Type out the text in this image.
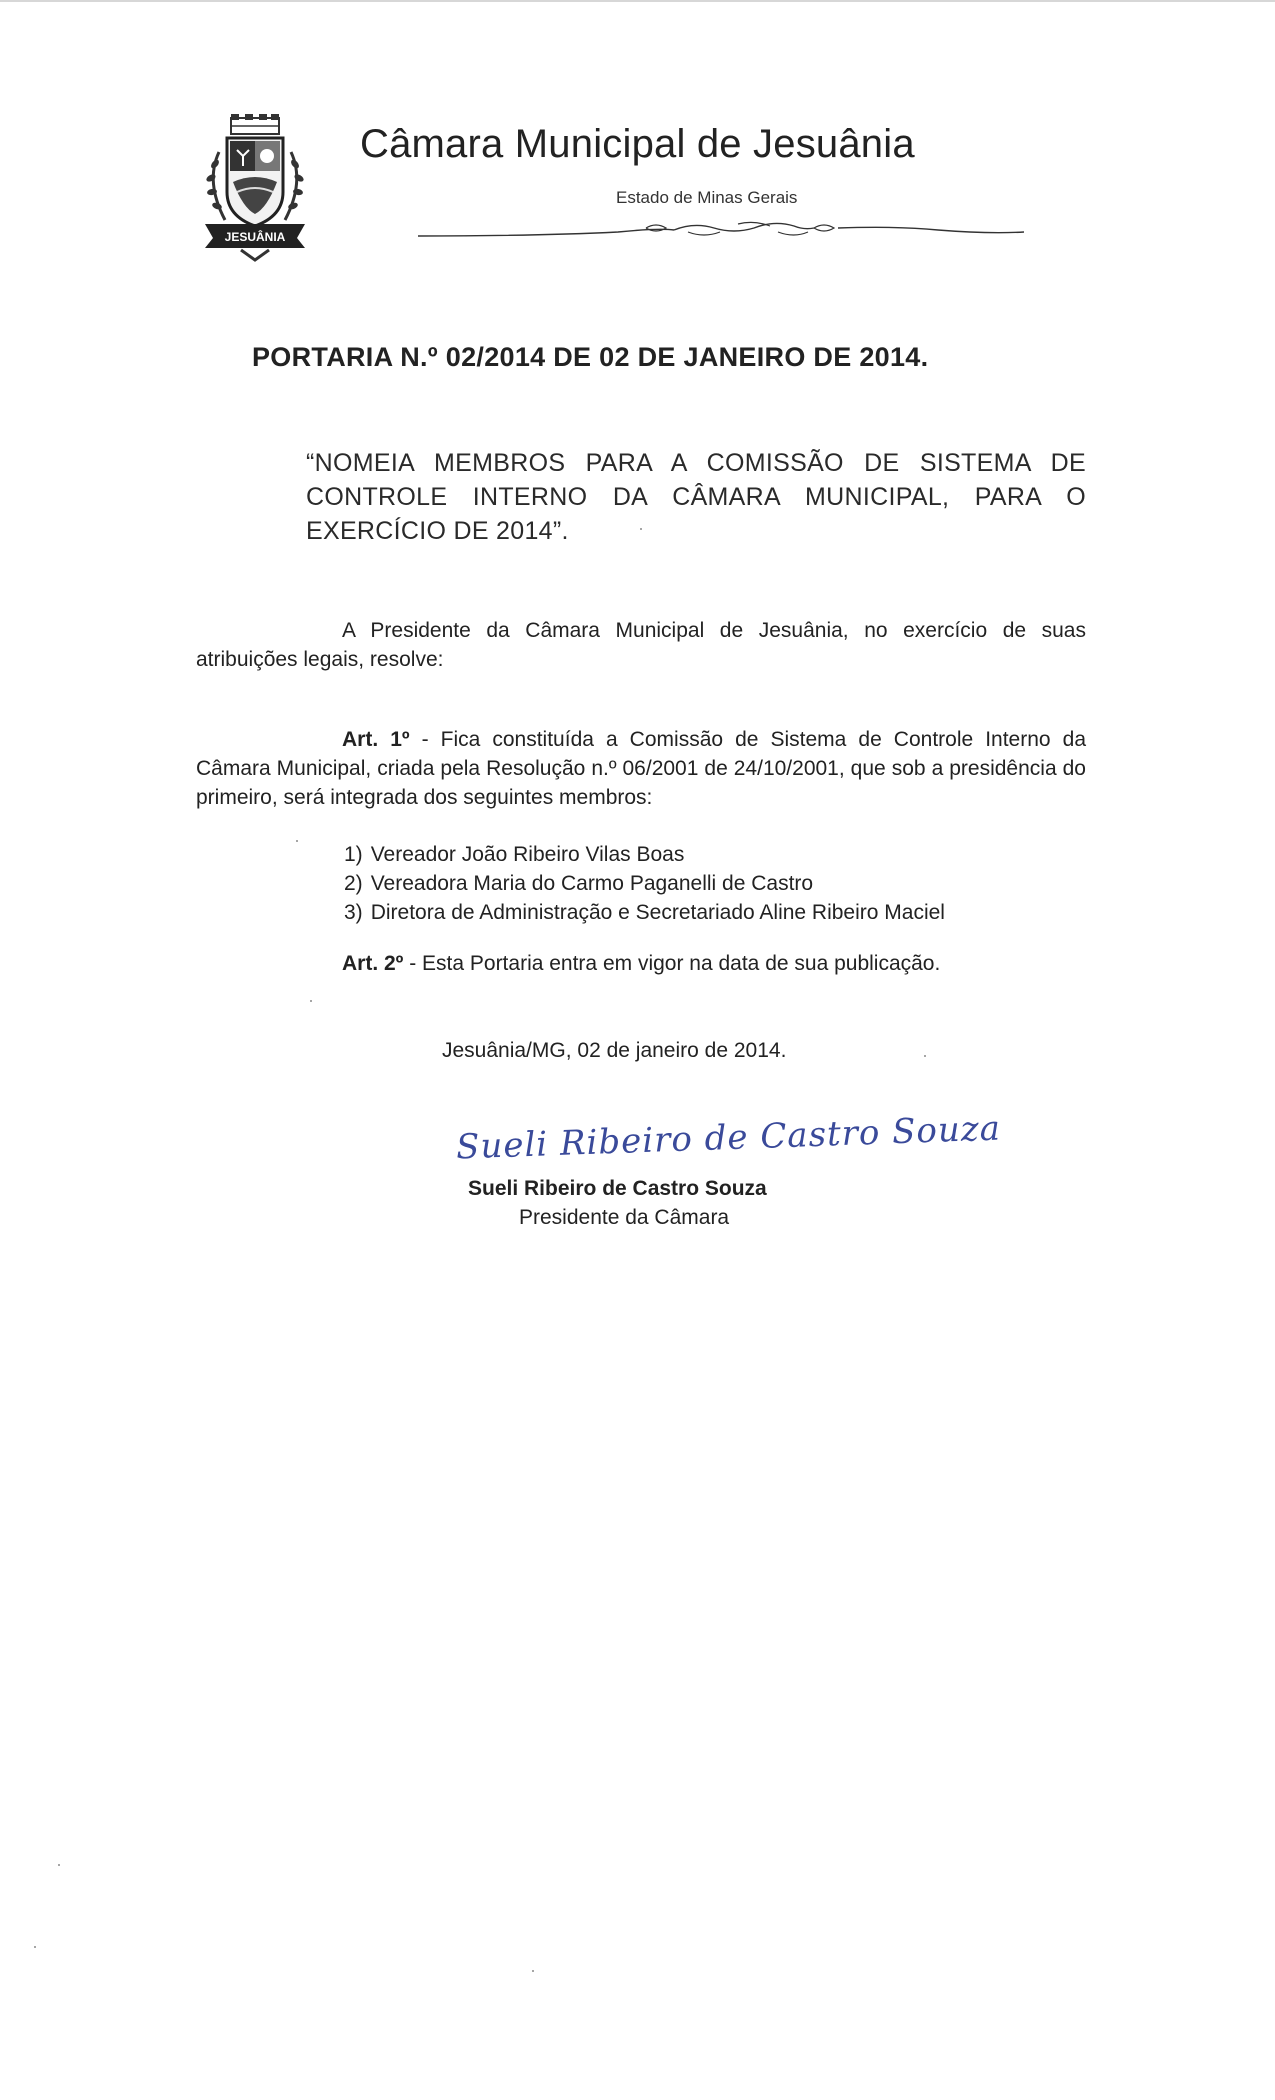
JESUÂNIA
Câmara Municipal de Jesuânia
Estado de Minas Gerais
PORTARIA N.º 02/2014 DE 02 DE JANEIRO DE 2014.
“NOMEIA MEMBROS PARA A COMISSÃO DE SISTEMA DE
CONTROLE INTERNO DA CÂMARA MUNICIPAL, PARA O
EXERCÍCIO DE 2014”.
A Presidente da Câmara Municipal de Jesuânia, no exercício de suas atribuições legais, resolve:
Art. 1º - Fica constituída a Comissão de Sistema de Controle Interno da Câmara Municipal, criada pela Resolução n.º 06/2001 de 24/10/2001, que sob a presidência do primeiro, será integrada dos seguintes membros:
1) Vereador João Ribeiro Vilas Boas
2) Vereadora Maria do Carmo Paganelli de Castro
3) Diretora de Administração e Secretariado Aline Ribeiro Maciel
Art. 2º - Esta Portaria entra em vigor na data de sua publicação.
Jesuânia/MG, 02 de janeiro de 2014.
Sueli Ribeiro de Castro Souza
Sueli Ribeiro de Castro Souza
Presidente da Câmara
